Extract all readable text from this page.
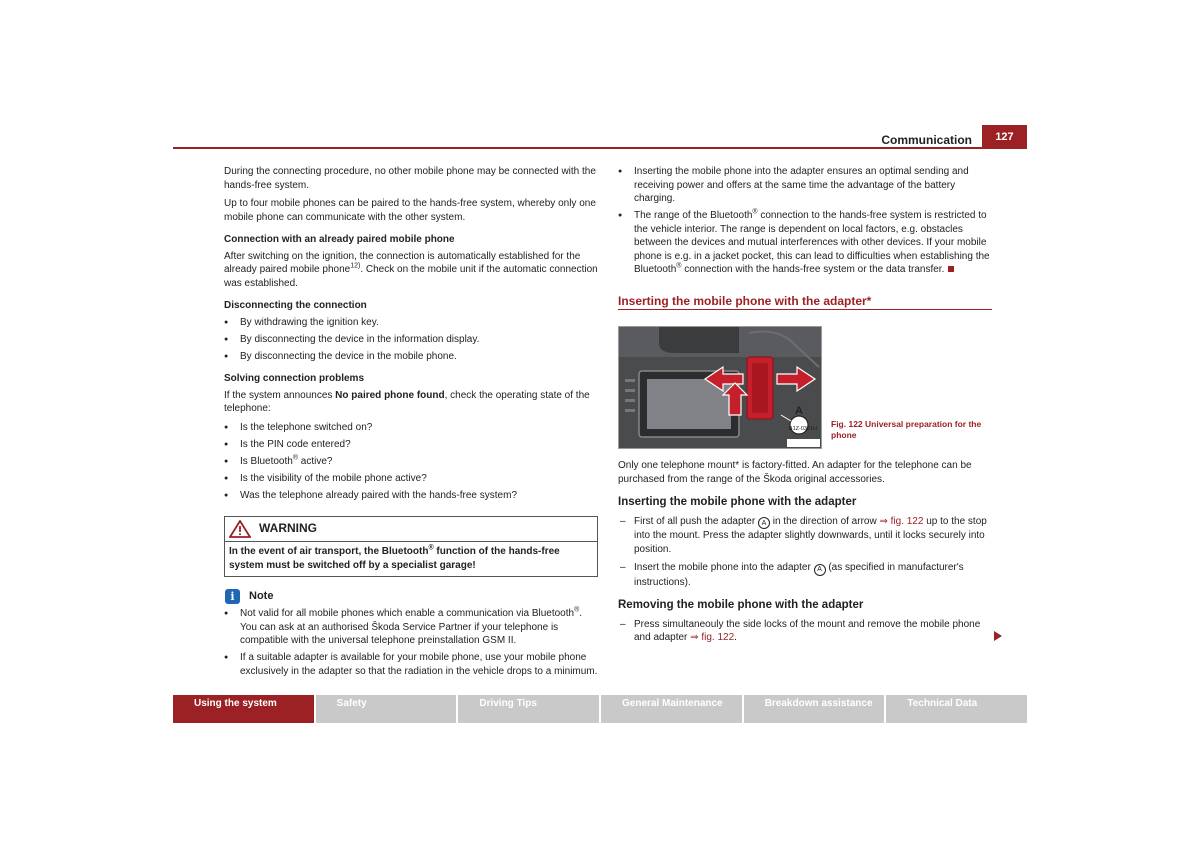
Communication	127

During the connecting procedure, no other mobile phone may be connected with the hands-free system.

Up to four mobile phones can be paired to the hands-free system, whereby only one mobile phone can communicate with the other system.

Connection with an already paired mobile phone

After switching on the ignition, the connection is automatically established for the already paired mobile phone$^{12)}$. Check on the mobile unit if the automatic connection was established.

Disconnecting the connection
● By withdrawing the ignition key.
● By disconnecting the device in the information display.
● By disconnecting the device in the mobile phone.
Solving connection problems

If the system announces No paired phone found, check the operating state of the telephone:

● Is the telephone switched on?
● Is the PIN code entered?
● Is Bluetooth® active?
● Is the visibility of the mobile phone active?
● Was the telephone already paired with the hands-free system?
WARNING
In the event of air transport, the Bluetooth® function of the hands-free system must be switched off by a specialist garage!
i	Note
● Not valid for all mobile phones which enable a communication via Bluetooth®. You can ask at an authorised Škoda Service Partner if your telephone is compatible with the universal telephone preinstallation GSM II.
● If a suitable adapter is available for your mobile phone, use your mobile phone exclusively in the adapter so that the radiation in the vehicle drops to a minimum.
● Inserting the mobile phone into the adapter ensures an optimal sending and receiving power and offers at the same time the advantage of the battery charging.
● The range of the Bluetooth® connection to the hands-free system is restricted to the vehicle interior. The range is dependent on local factors, e.g. obstacles between the devices and mutual interferences with other devices. If your mobile phone is e.g. in a jacket pocket, this can lead to difficulties when establishing the Bluetooth® connection with the hands-free system or the data transfer.
Inserting the mobile phone with the adapter*
Fig. 122 Universal preparation for the phone

Only one telephone mount* is factory-fitted. An adapter for the telephone can be purchased from the range of the Škoda original accessories.

Inserting the mobile phone with the adapter
– First of all push the adapter A in the direction of arrow ⇒ fig. 122 up to the stop into the mount. Press the adapter slightly downwards, until it locks securely into position.
– Insert the mobile phone into the adapter A (as specified in manufacturer's instructions).
Removing the mobile phone with the adapter
– Press simultaneouly the side locks of the mount and remove the mobile phone and adapter ⇒ fig. 122.
B1Z-0321H
A
Using the system	Safety	Driving Tips	General Maintenance	Breakdown assistance	Technical Data
